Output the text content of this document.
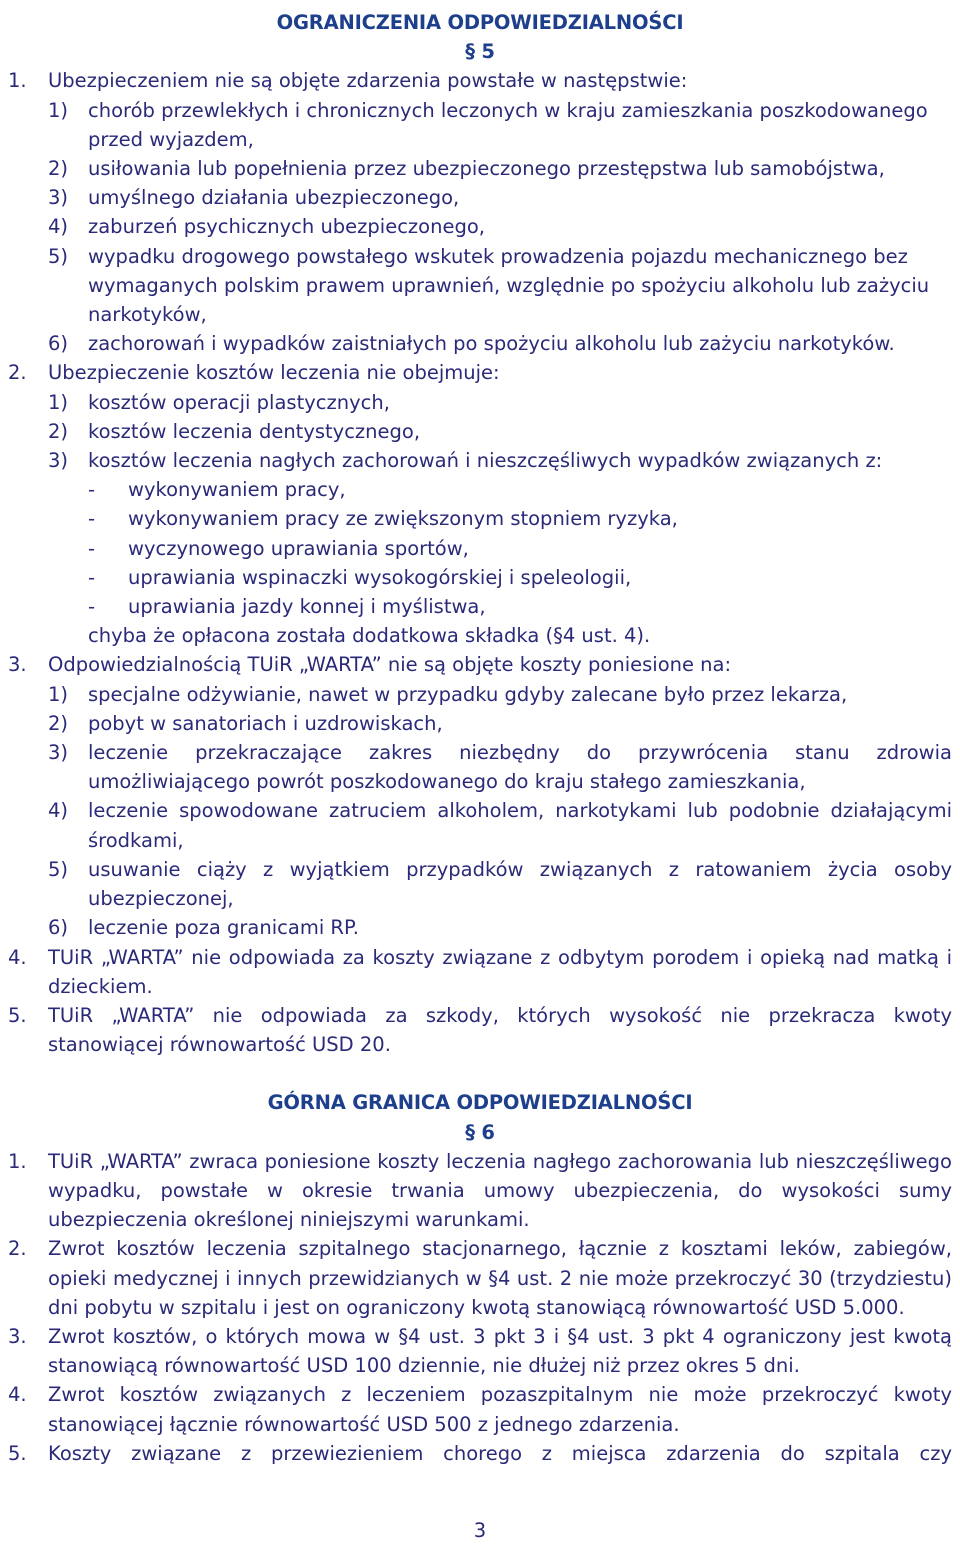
OGRANICZENIA ODPOWIEDZIALNOŚCI
§ 5
1. Ubezpieczeniem nie są objęte zdarzenia powstałe w następstwie:
1) chorób przewlekłych i chronicznych leczonych w kraju zamieszkania poszkodowanego przed wyjazdem,
2) usiłowania lub popełnienia przez ubezpieczonego przestępstwa lub samobójstwa,
3) umyślnego działania ubezpieczonego,
4) zaburzeń psychicznych ubezpieczonego,
5) wypadku drogowego powstałego wskutek prowadzenia pojazdu mechanicznego bez wymaganych polskim prawem uprawnień, względnie po spożyciu alkoholu lub zażyciu narkotyków,
6) zachorowań i wypadków zaistniałych po spożyciu alkoholu lub zażyciu narkotyków.
2. Ubezpieczenie kosztów leczenia nie obejmuje:
1) kosztów operacji plastycznych,
2) kosztów leczenia dentystycznego,
3) kosztów leczenia nagłych zachorowań i nieszczęśliwych wypadków związanych z:
- wykonywaniem pracy,
- wykonywaniem pracy ze zwiększonym stopniem ryzyka,
- wyczynowego uprawiania sportów,
- uprawiania wspinaczki wysokogórskiej i speleologii,
- uprawiania jazdy konnej i myślistwa,
chyba że opłacona została dodatkowa składka (§4 ust. 4).
3. Odpowiedzialnością TUiR „WARTA” nie są objęte koszty poniesione na:
1) specjalne odżywianie, nawet w przypadku gdyby zalecane było przez lekarza,
2) pobyt w sanatoriach i uzdrowiskach,
3) leczenie przekraczające zakres niezbędny do przywrócenia stanu zdrowia umożliwiającego powrót poszkodowanego do kraju stałego zamieszkania,
4) leczenie spowodowane zatruciem alkoholem, narkotykami lub podobnie działającymi środkami,
5) usuwanie ciąży z wyjątkiem przypadków związanych z ratowaniem życia osoby ubezpieczonej,
6) leczenie poza granicami RP.
4. TUiR „WARTA” nie odpowiada za koszty związane z odbytym porodem i opieką nad matką i dzieckiem.
5. TUiR „WARTA” nie odpowiada za szkody, których wysokość nie przekracza kwoty stanowiącej równowartość USD 20.
GÓRNA GRANICA ODPOWIEDZIALNOŚCI
§ 6
1. TUiR „WARTA” zwraca poniesione koszty leczenia nagłego zachorowania lub nieszczęśliwego wypadku, powstałe w okresie trwania umowy ubezpieczenia, do wysokości sumy ubezpieczenia określonej niniejszymi warunkami.
2. Zwrot kosztów leczenia szpitalnego stacjonarnego, łącznie z kosztami leków, zabiegów, opieki medycznej i innych przewidzianych w §4 ust. 2 nie może przekroczyć 30 (trzydziestu) dni pobytu w szpitalu i jest on ograniczony kwotą stanowiącą równowartość USD 5.000.
3. Zwrot kosztów, o których mowa w §4 ust. 3 pkt 3 i §4 ust. 3 pkt 4 ograniczony jest kwotą stanowiącą równowartość USD 100 dziennie, nie dłużej niż przez okres 5 dni.
4. Zwrot kosztów związanych z leczeniem pozaszpitalnym nie może przekroczyć kwoty stanowiącej łącznie równowartość USD 500 z jednego zdarzenia.
5. Koszty związane z przewiezieniem chorego z miejsca zdarzenia do szpitala czy
3
